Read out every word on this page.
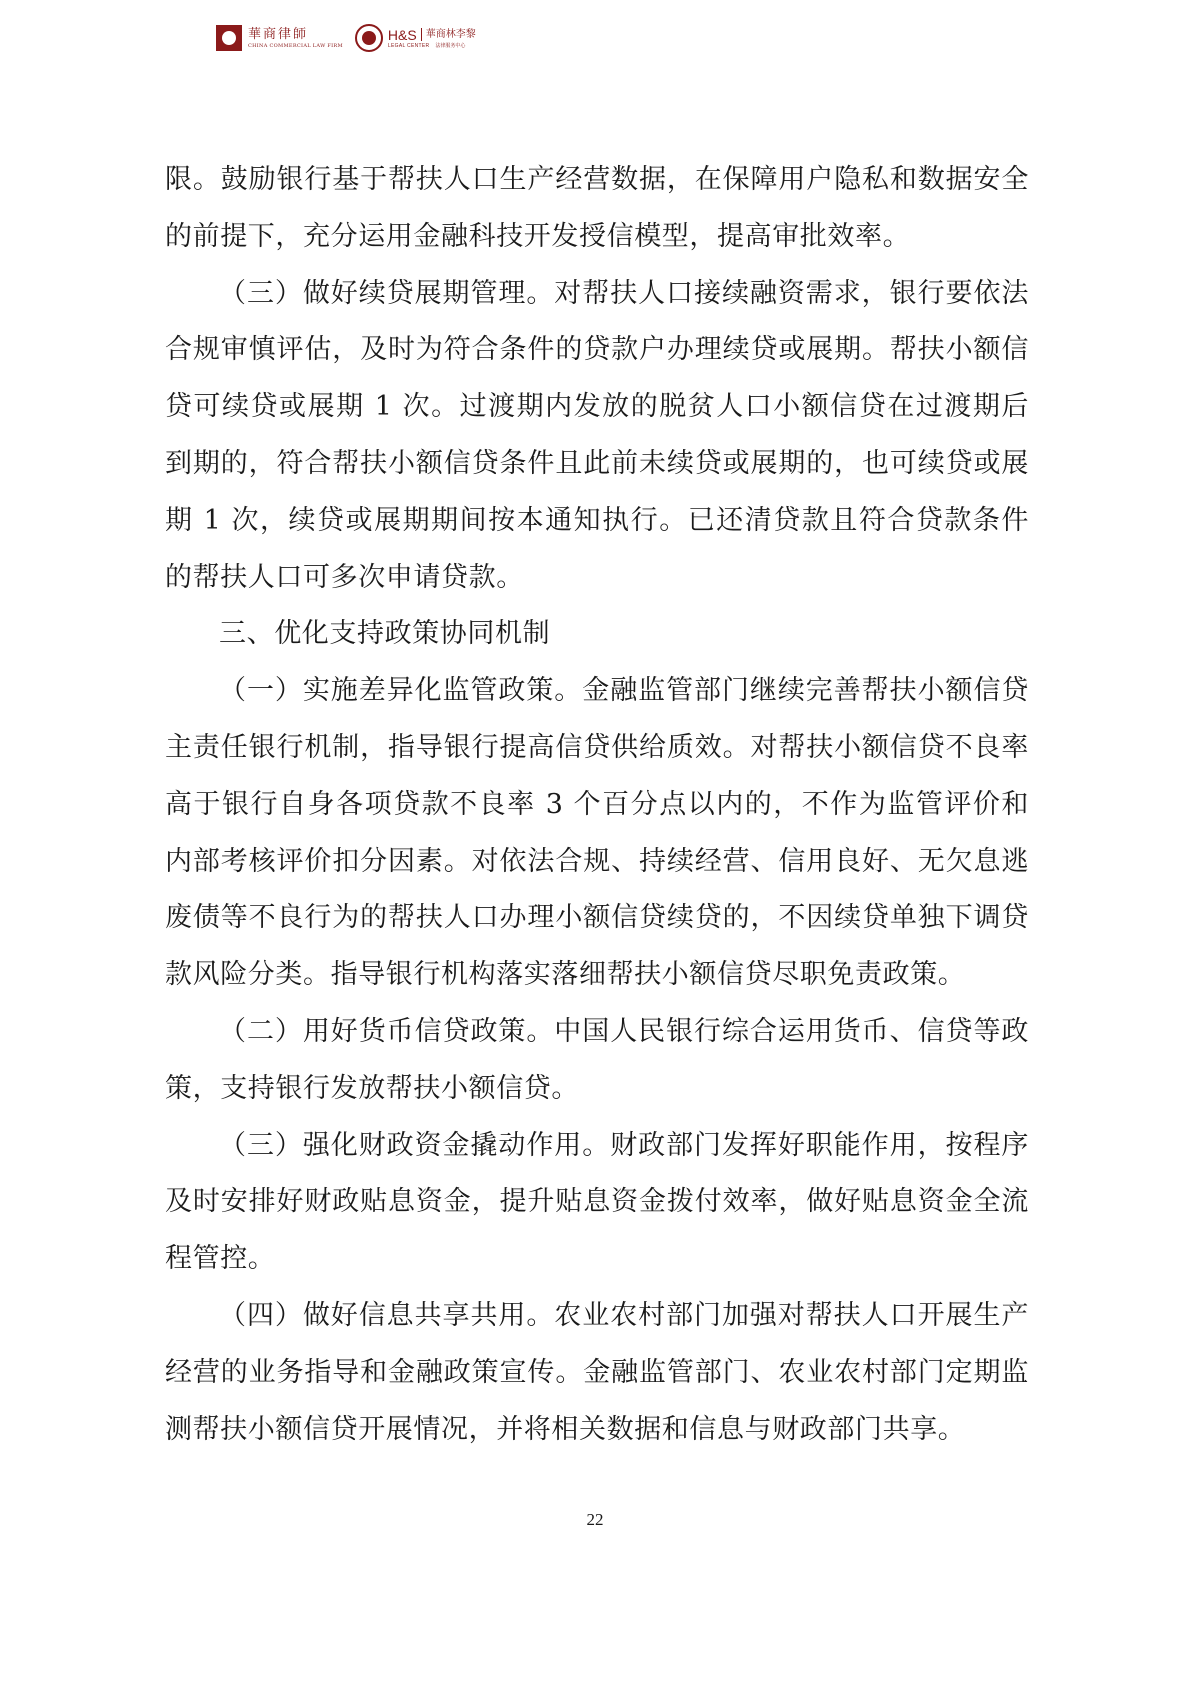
華商律師
CHINA COMMERCIAL LAW FIRM
H&S 華商林李黎
LEGAL CENTER 法律服务中心

限。鼓励银行基于帮扶人口生产经营数据，在保障用户隐私和数据安全的前提下，充分运用金融科技开发授信模型，提高审批效率。

（三）做好续贷展期管理。对帮扶人口接续融资需求，银行要依法合规审慎评估，及时为符合条件的贷款户办理续贷或展期。帮扶小额信贷可续贷或展期 1 次。过渡期内发放的脱贫人口小额信贷在过渡期后到期的，符合帮扶小额信贷条件且此前未续贷或展期的，也可续贷或展期 1 次，续贷或展期期间按本通知执行。已还清贷款且符合贷款条件的帮扶人口可多次申请贷款。

三、优化支持政策协同机制

（一）实施差异化监管政策。金融监管部门继续完善帮扶小额信贷主责任银行机制，指导银行提高信贷供给质效。对帮扶小额信贷不良率高于银行自身各项贷款不良率 3 个百分点以内的，不作为监管评价和内部考核评价扣分因素。对依法合规、持续经营、信用良好、无欠息逃废债等不良行为的帮扶人口办理小额信贷续贷的，不因续贷单独下调贷款风险分类。指导银行机构落实落细帮扶小额信贷尽职免责政策。

（二）用好货币信贷政策。中国人民银行综合运用货币、信贷等政策，支持银行发放帮扶小额信贷。

（三）强化财政资金撬动作用。财政部门发挥好职能作用，按程序及时安排好财政贴息资金，提升贴息资金拨付效率，做好贴息资金全流程管控。

（四）做好信息共享共用。农业农村部门加强对帮扶人口开展生产经营的业务指导和金融政策宣传。金融监管部门、农业农村部门定期监测帮扶小额信贷开展情况，并将相关数据和信息与财政部门共享。

22
